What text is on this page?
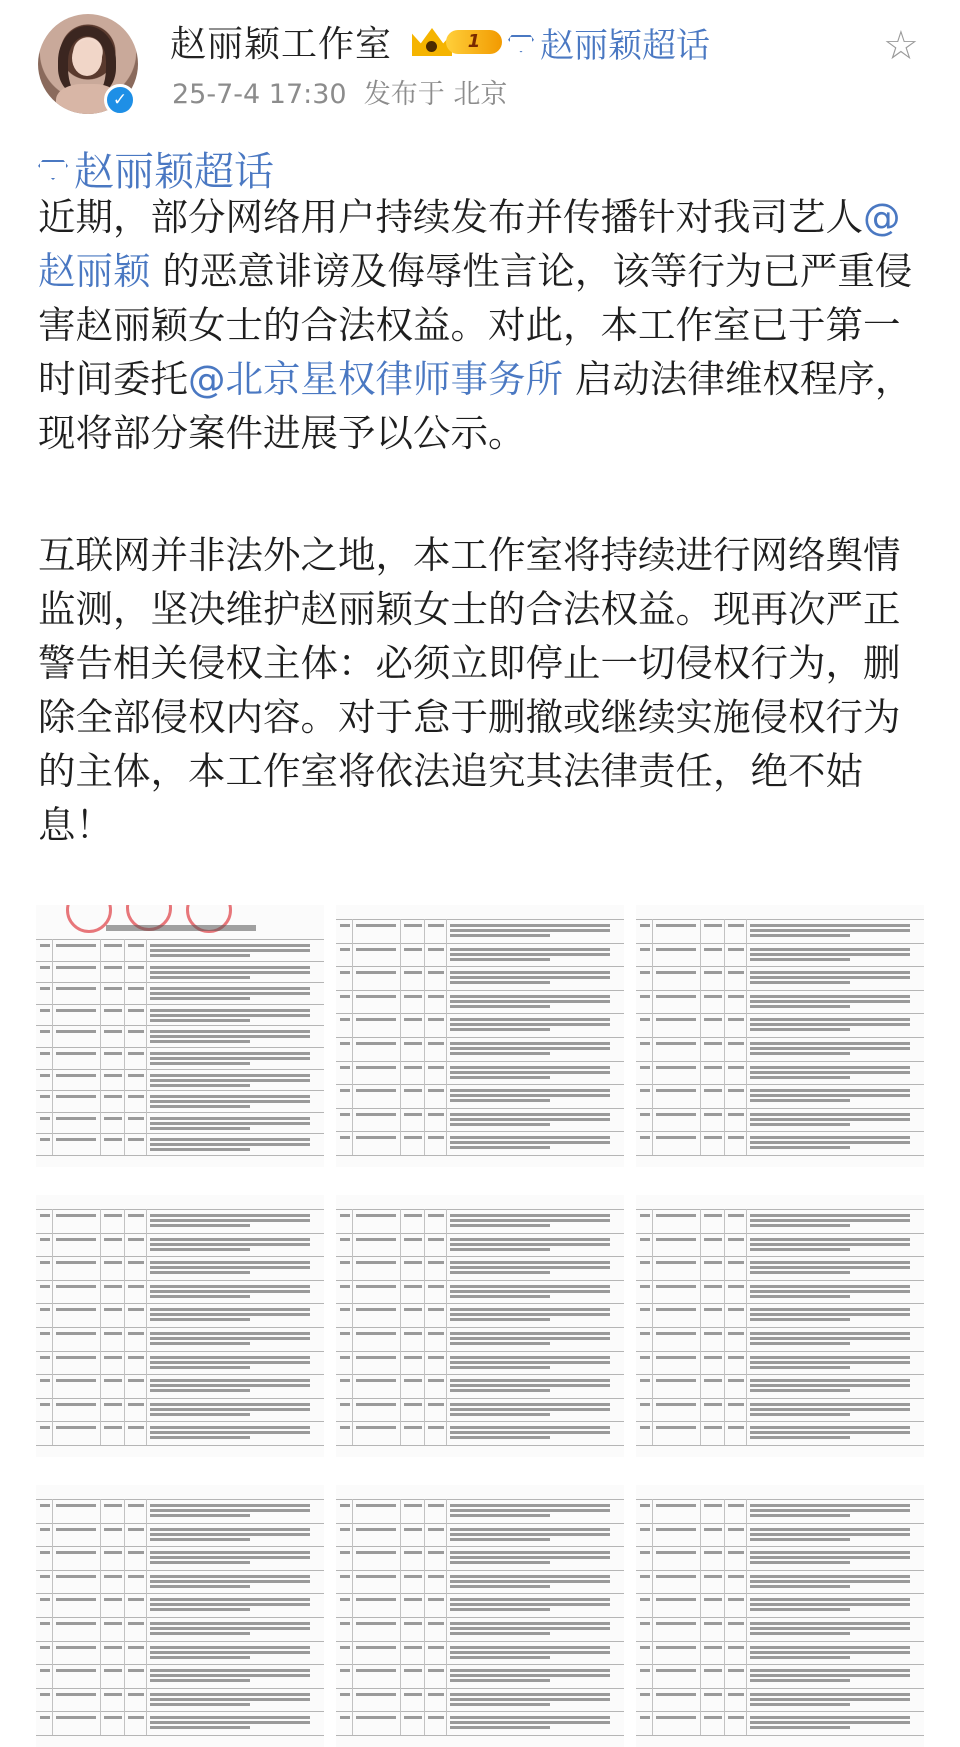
✓
赵丽颖工作室	1	赵丽颖超话
25-7-4 17:30 发布于 北京
☆
赵丽颖超话
近期，部分网络用户持续发布并传播针对我司艺人@赵丽颖 的恶意诽谤及侮辱性言论，该等行为已严重侵害赵丽颖女士的合法权益。对此，本工作室已于第一时间委托@北京星权律师事务所 启动法律维权程序，现将部分案件进展予以公示。
互联网并非法外之地，本工作室将持续进行网络舆情监测，坚决维护赵丽颖女士的合法权益。现再次严正警告相关侵权主体：必须立即停止一切侵权行为，删除全部侵权内容。对于怠于删撤或继续实施侵权行为的主体，本工作室将依法追究其法律责任，绝不姑息！
